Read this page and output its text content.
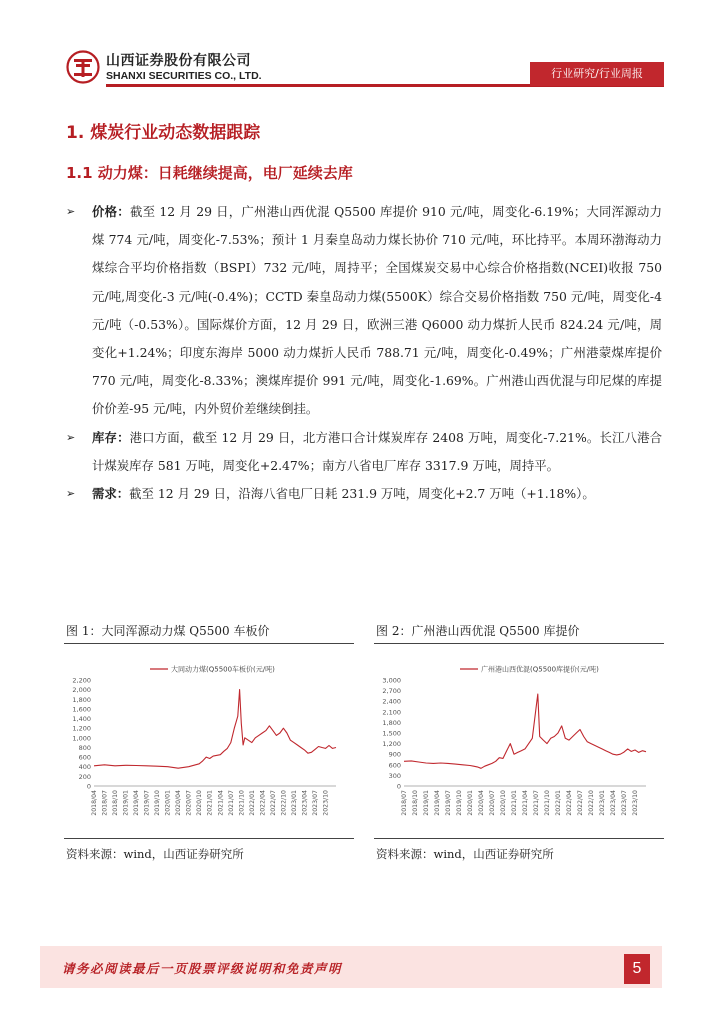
山西证券股份有限公司
SHANXI SECURITIES CO., LTD.	行业研究/行业周报
1. 煤炭行业动态数据跟踪
1.1 动力煤：日耗继续提高，电厂延续去库
➢ 价格：截至 12 月 29 日，广州港山西优混 Q5500 库提价 910 元/吨，周变化-6.19%；大同浑源动力煤 774 元/吨，周变化-7.53%；预计 1 月秦皇岛动力煤长协价 710 元/吨，环比持平。本周环渤海动力煤综合平均价格指数（BSPI）732 元/吨，周持平；全国煤炭交易中心综合价格指数(NCEI)收报 750 元/吨,周变化-3 元/吨(-0.4%)；CCTD 秦皇岛动力煤(5500K）综合交易价格指数 750 元/吨，周变化-4 元/吨（-0.53%）。国际煤价方面，12 月 29 日，欧洲三港 Q6000 动力煤折人民币 824.24 元/吨，周变化+1.24%；印度东海岸 5000 动力煤折人民币 788.71 元/吨，周变化-0.49%；广州港蒙煤库提价 770 元/吨，周变化-8.33%；澳煤库提价 991 元/吨，周变化-1.69%。广州港山西优混与印尼煤的库提价价差-95 元/吨，内外贸价差继续倒挂。
➢ 库存：港口方面，截至 12 月 29 日，北方港口合计煤炭库存 2408 万吨，周变化-7.21%。长江八港合计煤炭库存 581 万吨，周变化+2.47%；南方八省电厂库存 3317.9 万吨，周持平。
➢ 需求：截至 12 月 29 日，沿海八省电厂日耗 231.9 万吨，周变化+2.7 万吨（+1.18%）。
图 1：大同浑源动力煤 Q5500 车板价	图 2：广州港山西优混 Q5500 库提价
0
200
400
600
800
1,000
1,200
1,400
1,600
1,800
2,000
2,200
2018/04 2018/07 2018/10 2019/01 2019/04 2019/07 2019/10 2020/01 2020/04 2020/07 2020/10 2021/01 2021/04 2021/07 2021/10 2022/01 2022/04 2022/07 2022/10 2023/01 2023/04 2023/07 2023/10
大同动力煤(Q5500车板价(元/吨)
0
300
600
900
1,200
1,500
1,800
2,100
2,400
2,700
3,000
2018/07 2018/10 2019/01 2019/04 2019/07 2019/10 2020/01 2020/04 2020/07 2020/10 2021/01 2021/04 2021/07 2021/10 2022/01 2022/04 2022/07 2022/10 2023/01 2023/04 2023/07 2023/10
广州港山西优混(Q5500库提价(元/吨)
资料来源：wind，山西证券研究所	资料来源：wind，山西证券研究所
请务必阅读最后一页股票评级说明和免责声明	5
